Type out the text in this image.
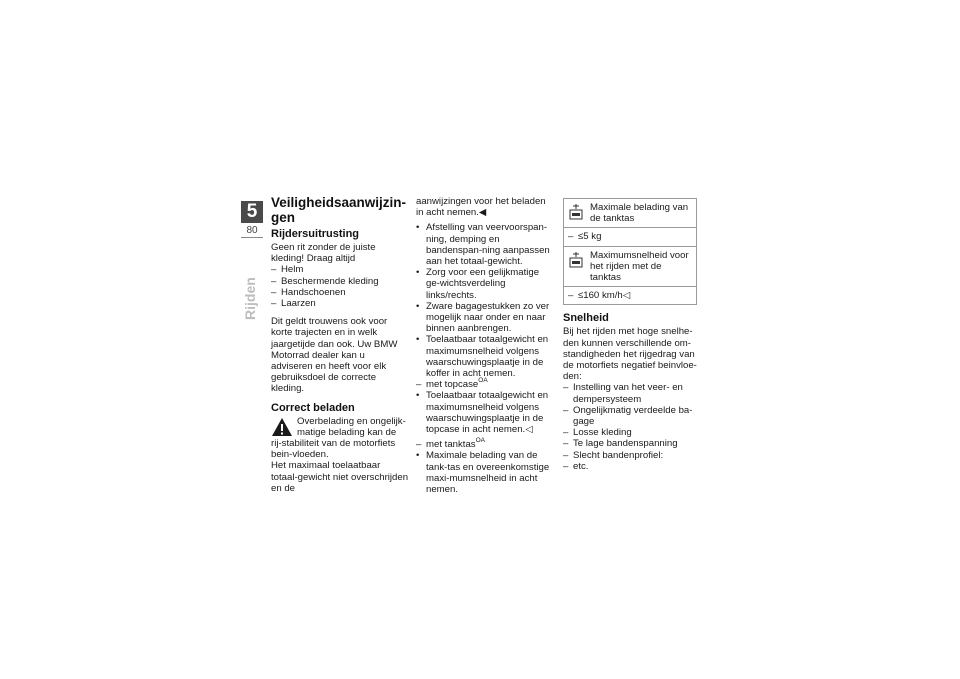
5
80
Rijden
Veiligheidsaanwijzin-gen
Rijdersuitrusting

Geen rit zonder de juiste kleding! Draag altijd

– Helm
– Beschermende kleding
– Handschoenen
– Laarzen

Dit geldt trouwens ook voor korte trajecten en in welk jaargetijde dan ook. Uw BMW Motorrad dealer kan u adviseren en heeft voor elk gebruiksdoel de correcte kleding.

Correct beladen

Overbelading en ongelijk-matige belading kan de rij-stabiliteit van de motorfiets bein-vloeden.

Het maximaal toelaatbaar totaal-gewicht niet overschrijden en de

aanwijzingen voor het beladen in acht nemen.◀

• Afstelling van veervoorspan-ning, demping en bandenspan-ning aanpassen aan het totaal-gewicht.
• Zorg voor een gelijkmatige ge-wichtsverdeling links/rechts.
• Zware bagagestukken zo ver mogelijk naar onder en naar binnen aanbrengen.
• Toelaatbaar totaalgewicht en maximumsnelheid volgens waarschuwingsplaatje in de koffer in acht nemen.
– met topcase$^{OA}$
• Toelaatbaar totaalgewicht en maximumsnelheid volgens waarschuwingsplaatje in de topcase in acht nemen.◁
– met tanktas$^{OA}$
• Maximale belading van de tank-tas en overeenkomstige maxi-mumsnelheid in acht nemen.
Maximale belading van de tanktas

– ≤5 kg

Maximumsnelheid voor het rijden met de tanktas

– ≤160 km/h◁
Snelheid

Bij het rijden met hoge snelhe-den kunnen verschillende om-standigheden het rijgedrag van de motorfiets negatief beinvloe-den:

– Instelling van het veer- en dempersysteem
– Ongelijkmatig verdeelde ba-gage
– Losse kleding
– Te lage bandenspanning
– Slecht bandenprofiel:
– etc.
